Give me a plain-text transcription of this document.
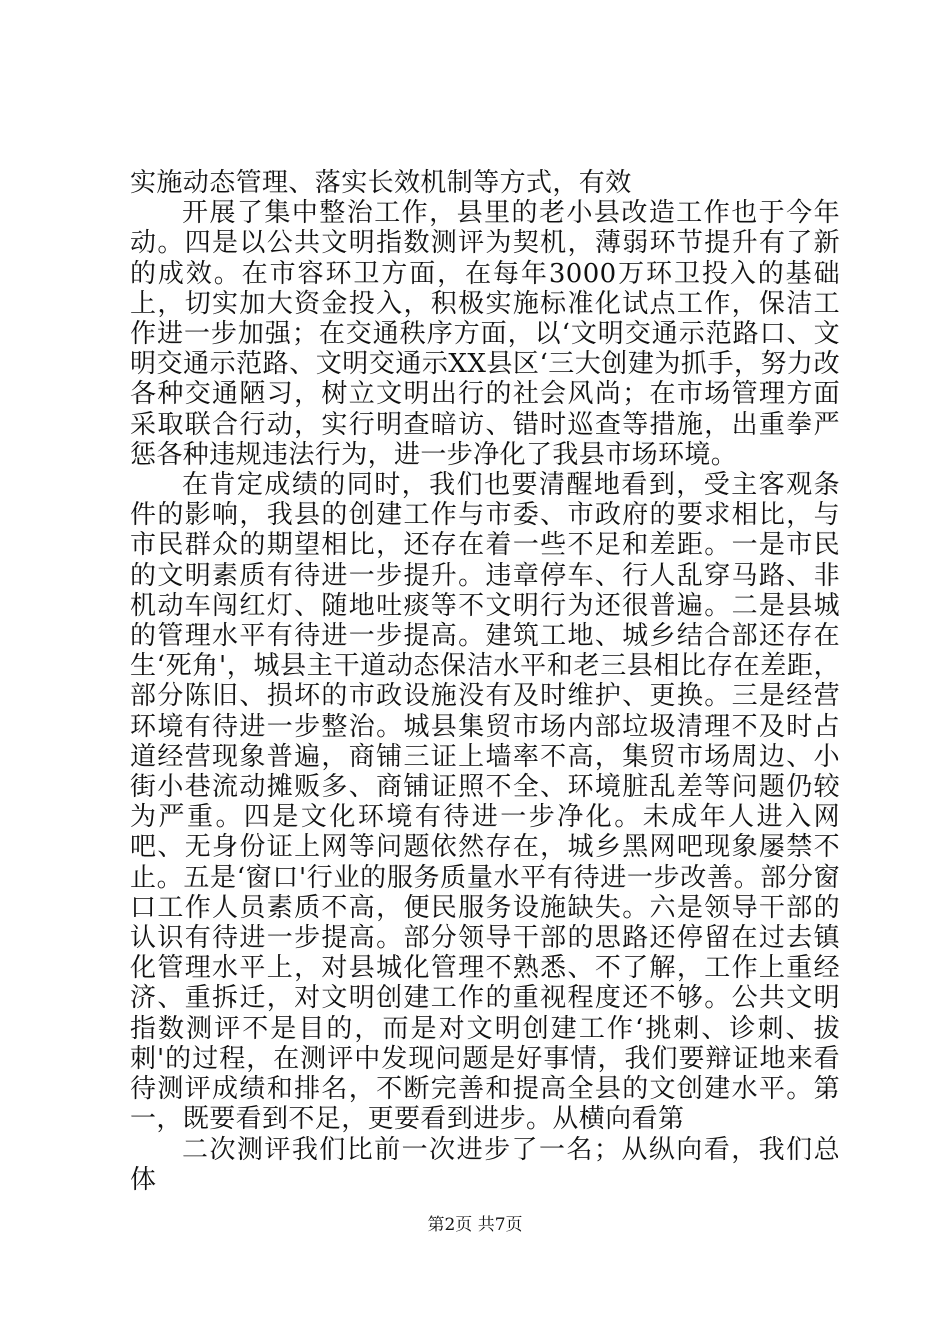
实施动态管理、落实长效机制等方式，有效

开展了集中整治工作，县里的老小县改造工作也于今年动。四是以公共文明指数测评为契机，薄弱环节提升有了新的成效。在市容环卫方面，在每年3000万环卫投入的基础上，切实加大资金投入，积极实施标准化试点工作，保洁工作进一步加强；在交通秩序方面，以‘文明交通示范路口、文明交通示范路、文明交通示XX县区‘三大创建为抓手，努力改各种交通陋习，树立文明出行的社会风尚；在市场管理方面采取联合行动，实行明查暗访、错时巡查等措施，出重拳严惩各种违规违法行为，进一步净化了我县市场环境。

在肯定成绩的同时，我们也要清醒地看到，受主客观条件的影响，我县的创建工作与市委、市政府的要求相比，与市民群众的期望相比，还存在着一些不足和差距。一是市民的文明素质有待进一步提升。违章停车、行人乱穿马路、非机动车闯红灯、随地吐痰等不文明行为还很普遍。二是县城的管理水平有待进一步提高。建筑工地、城乡结合部还存在生‘死角'，城县主干道动态保洁水平和老三县相比存在差距，部分陈旧、损坏的市政设施没有及时维护、更换。三是经营环境有待进一步整治。城县集贸市场内部垃圾清理不及时占道经营现象普遍，商铺三证上墙率不高，集贸市场周边、小街小巷流动摊贩多、商铺证照不全、环境脏乱差等问题仍较为严重。四是文化环境有待进一步净化。未成年人进入网吧、无身份证上网等问题依然存在，城乡黑网吧现象屡禁不止。五是‘窗口'行业的服务质量水平有待进一步改善。部分窗口工作人员素质不高，便民服务设施缺失。六是领导干部的认识有待进一步提高。部分领导干部的思路还停留在过去镇化管理水平上，对县城化管理不熟悉、不了解，工作上重经济、重拆迁，对文明创建工作的重视程度还不够。公共文明指数测评不是目的，而是对文明创建工作‘挑刺、诊刺、拔刺'的过程，在测评中发现问题是好事情，我们要辩证地来看待测评成绩和排名，不断完善和提高全县的文创建水平。第一，既要看到不足，更要看到进步。从横向看第

二次测评我们比前一次进步了一名；从纵向看，我们总体

第2页 共7页
